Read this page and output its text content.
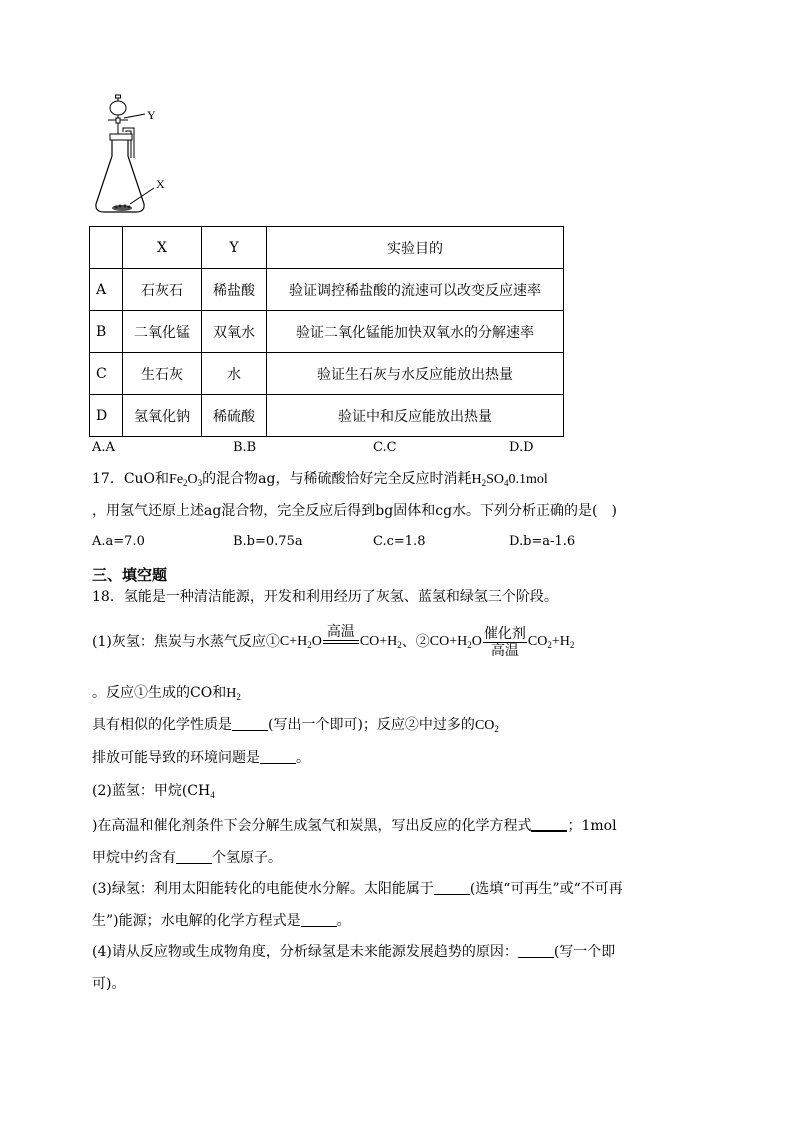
Y
X
	X	Y	实验目的
A	石灰石	稀盐酸	验证调控稀盐酸的流速可以改变反应速率
B	二氧化锰	双氧水	验证二氧化锰能加快双氧水的分解速率
C	生石灰	水	验证生石灰与水反应能放出热量
D	氢氧化钠	稀硫酸	验证中和反应能放出热量
A.A	B.B	C.C	D.D
17．CuO和$Fe_2O_3$的混合物ag，与稀硫酸恰好完全反应时消耗$H_2SO_40.1mol$
，用氢气还原上述ag混合物，完全反应后得到bg固体和cg水。下列分析正确的是(　)
A.a=7.0	B.b=0.75a	C.c=1.8	D.b=a-1.6
三、填空题
18．氢能是一种清洁能源，开发和利用经历了灰氢、蓝氢和绿氢三个阶段。
(1)灰氢：焦炭与水蒸气反应$①C+H_2O$
高温
$CO+H_2$、$②CO+H_2O$ 催化剂
高温
$CO_2+H_2$
。反应①生成的CO和$H_2$
具有相似的化学性质是	(写出一个即可)；反应②中过多的$CO_2$
排放可能导致的环境问题是	。
(2)蓝氢：甲烷($CH_4$
)在高温和催化剂条件下会分解生成氢气和炭黑，写出反应的化学方程式	；1mol
甲烷中约含有	个氢原子。
(3)绿氢：利用太阳能转化的电能使水分解。太阳能属于	(选填“可再生”或“不可再
生”)能源；水电解的化学方程式是	。
(4)请从反应物或生成物角度，分析绿氢是未来能源发展趋势的原因：	(写一个即
可)。
